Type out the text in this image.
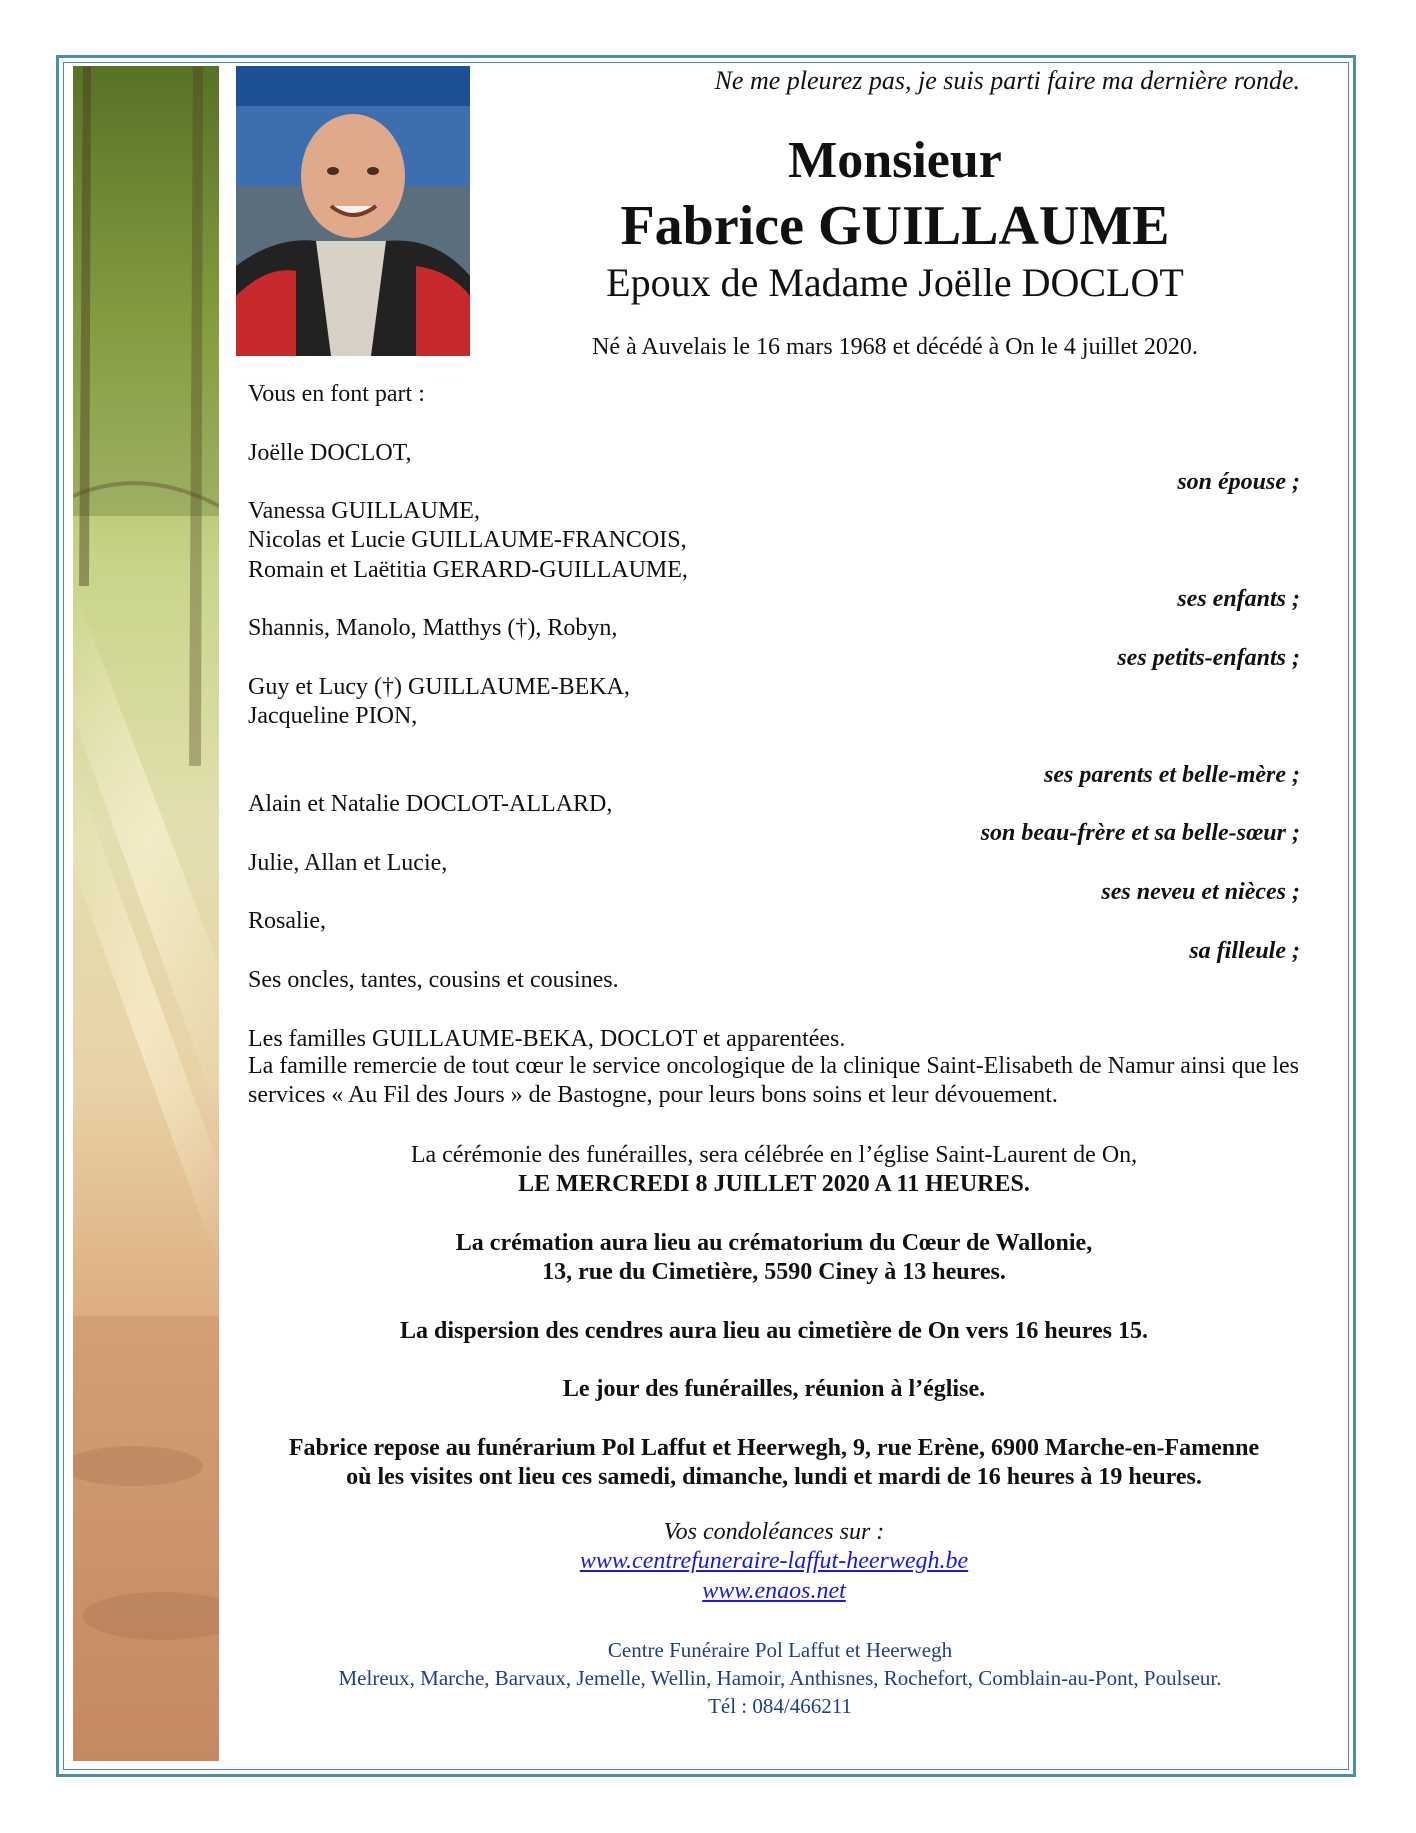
Ne me pleurez pas, je suis parti faire ma dernière ronde.
Monsieur
Fabrice GUILLAUME
Epoux de Madame Joëlle DOCLOT
Né à Auvelais le 16 mars 1968 et décédé à On le 4 juillet 2020.
Vous en font part :
Joëlle DOCLOT,
son épouse ;
Vanessa GUILLAUME,
Nicolas et Lucie GUILLAUME-FRANCOIS,
Romain et Laëtitia GERARD-GUILLAUME,
ses enfants ;
Shannis, Manolo, Matthys (†), Robyn,
ses petits-enfants ;
Guy et Lucy (†) GUILLAUME-BEKA,
Jacqueline PION,
ses parents et belle-mère ;
Alain et Natalie DOCLOT-ALLARD,
son beau-frère et sa belle-sœur ;
Julie, Allan et Lucie,
ses neveu et nièces ;
Rosalie,
sa filleule ;
Ses oncles, tantes, cousins et cousines.
Les familles GUILLAUME-BEKA, DOCLOT et apparentées.
La famille remercie de tout cœur le service oncologique de la clinique Saint-Elisabeth de Namur ainsi que les services « Au Fil des Jours » de Bastogne, pour leurs bons soins et leur dévouement.
La cérémonie des funérailles, sera célébrée en l’église Saint-Laurent de On,
LE MERCREDI 8 JUILLET 2020 A 11 HEURES.
La crémation aura lieu au crématorium du Cœur de Wallonie,
13, rue du Cimetière, 5590 Ciney à 13 heures.
La dispersion des cendres aura lieu au cimetière de On vers 16 heures 15.
Le jour des funérailles, réunion à l’église.
Fabrice repose au funérarium Pol Laffut et Heerwegh, 9, rue Erène, 6900 Marche-en-Famenne
où les visites ont lieu ces samedi, dimanche, lundi et mardi de 16 heures à 19 heures.
Vos condoléances sur :
www.centrefuneraire-laffut-heerwegh.be
www.enaos.net
Centre Funéraire Pol Laffut et Heerwegh
Melreux, Marche, Barvaux, Jemelle, Wellin, Hamoir, Anthisnes, Rochefort, Comblain-au-Pont, Poulseur.
Tél : 084/466211
